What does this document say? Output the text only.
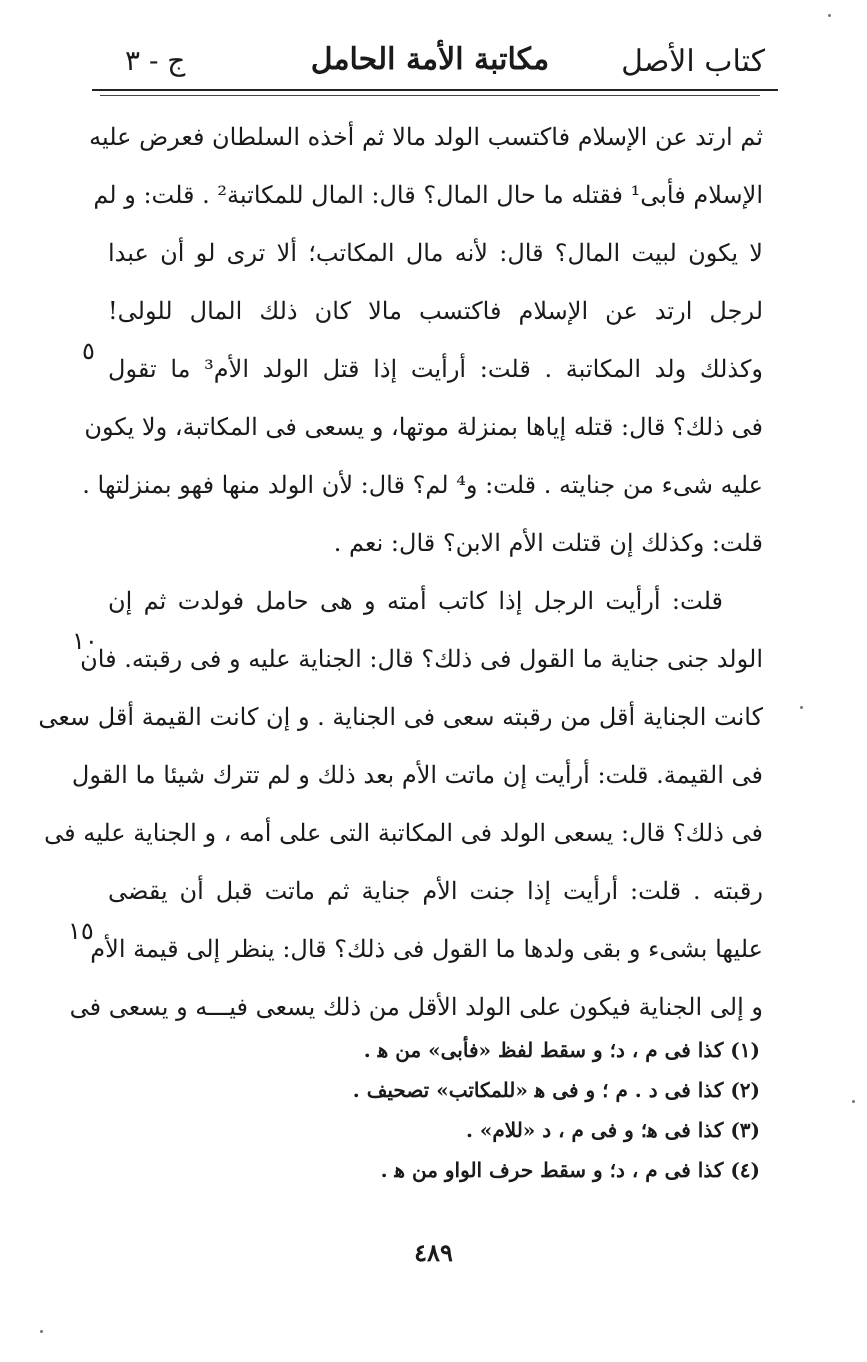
كتاب الأصل
مكاتبة الأمة الحامل
ج - ٣
ثم ارتد عن الإسلام فاكتسب الولد مالا ثم أخذه السلطان فعرض عليه
الإسلام فأبى¹ فقتله ما حال المال؟ قال: المال للمكاتبة² . قلت: و لم
لا يكون لبيت المال؟ قال: لأنه مال المكاتب؛ ألا ترى لو أن عبدا
لرجل ارتد عن الإسلام فاكتسب مالا كان ذلك المال للولى!
وكذلك ولد المكاتبة . قلت: أرأيت إذا قتل الولد الأم³ ما تقول
فى ذلك؟ قال: قتله إياها بمنزلة موتها، و يسعى فى المكاتبة، ولا يكون
عليه شىء من جنايته . قلت: و⁴ لم؟ قال: لأن الولد منها فهو بمنزلتها .
قلت: وكذلك إن قتلت الأم الابن؟ قال: نعم .
قلت: أرأيت الرجل إذا كاتب أمته و هى حامل فولدت ثم إن
الولد جنى جناية ما القول فى ذلك؟ قال: الجناية عليه و فى رقبته. فان
كانت الجناية أقل من رقبته سعى فى الجناية . و إن كانت القيمة أقل سعى
فى القيمة. قلت: أرأيت إن ماتت الأم بعد ذلك و لم تترك شيئا ما القول
فى ذلك؟ قال: يسعى الولد فى المكاتبة التى على أمه ، و الجناية عليه فى
رقبته . قلت: أرأيت إذا جنت الأم جناية ثم ماتت قبل أن يقضى
عليها بشىء و بقى ولدها ما القول فى ذلك؟ قال: ينظر إلى قيمة الأم
و إلى الجناية فيكون على الولد الأقل من ذلك يسعى فيـــه و يسعى فى
٥
١٠
١٥
(١) كذا فى م ، د؛ و سقط لفظ «فأبى» من ﻫ .
(٢) كذا فى د . م ؛ و فى ﻫ «للمكاتب» تصحيف .
(٣) كذا فى ﻫ؛ و فى م ، د «للام» .
(٤) كذا فى م ، د؛ و سقط حرف الواو من ﻫ .
٤٨٩
